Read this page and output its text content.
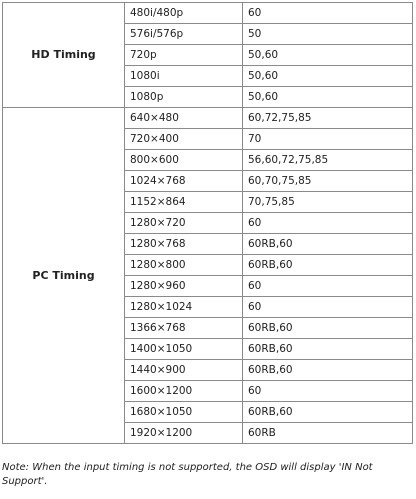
HD Timing	480i/480p	60
	576i/576p	50
	720p	50,60
	1080i	50,60
	1080p	50,60
PC Timing	640×480	60,72,75,85
	720×400	70
	800×600	56,60,72,75,85
	1024×768	60,70,75,85
	1152×864	70,75,85
	1280×720	60
	1280×768	60RB,60
	1280×800	60RB,60
	1280×960	60
	1280×1024	60
	1366×768	60RB,60
	1400×1050	60RB,60
	1440×900	60RB,60
	1600×1200	60
	1680×1050	60RB,60
	1920×1200	60RB

Note: When the input timing is not supported, the OSD will display 'IN Not Support'.
